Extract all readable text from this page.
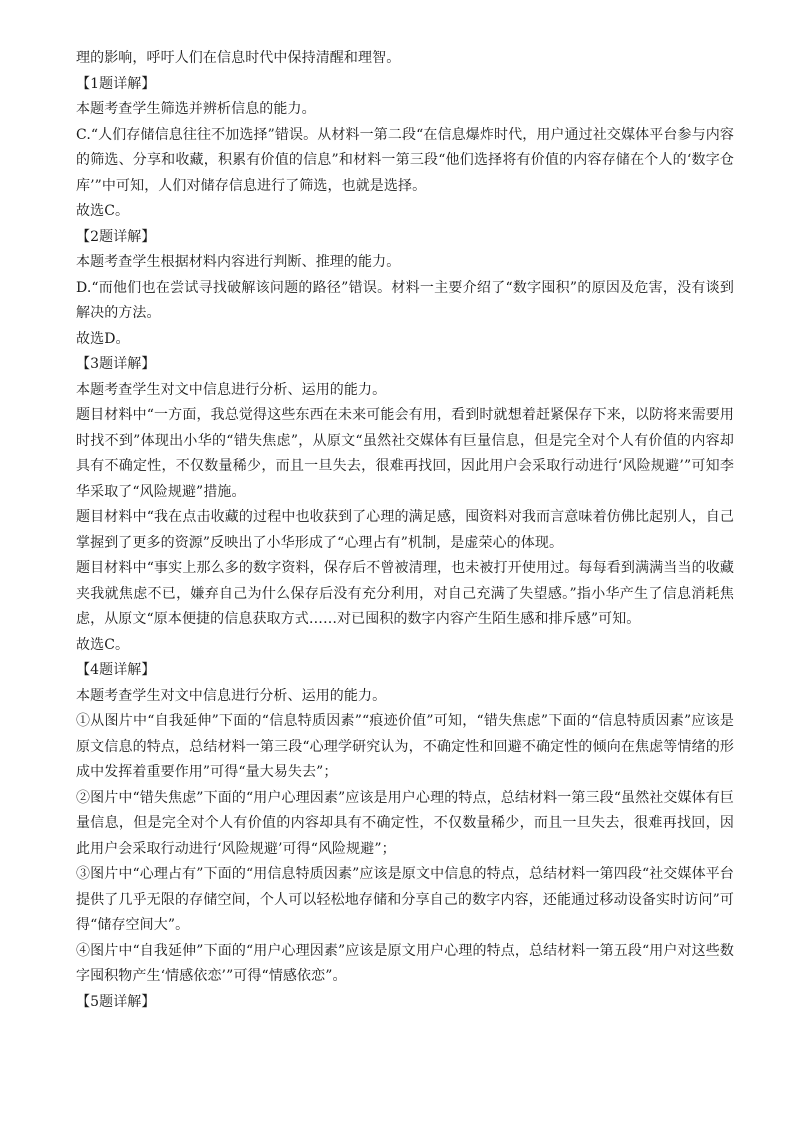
理的影响，呼吁人们在信息时代中保持清醒和理智。
【1题详解】
本题考查学生筛选并辨析信息的能力。
C.“人们存储信息往往不加选择”错误。从材料一第二段“在信息爆炸时代，用户通过社交媒体平台参与内容的筛选、分享和收藏，积累有价值的信息”和材料一第三段“他们选择将有价值的内容存储在个人的‘数字仓库’”中可知，人们对储存信息进行了筛选，也就是选择。
故选C。
【2题详解】
本题考查学生根据材料内容进行判断、推理的能力。
D.“而他们也在尝试寻找破解该问题的路径”错误。材料一主要介绍了“数字囤积”的原因及危害，没有谈到解决的方法。
故选D。
【3题详解】
本题考查学生对文中信息进行分析、运用的能力。
题目材料中“一方面，我总觉得这些东西在未来可能会有用，看到时就想着赶紧保存下来，以防将来需要用时找不到”体现出小华的“错失焦虑”，从原文“虽然社交媒体有巨量信息，但是完全对个人有价值的内容却具有不确定性，不仅数量稀少，而且一旦失去，很难再找回，因此用户会采取行动进行‘风险规避’”可知李华采取了“风险规避”措施。
题目材料中“我在点击收藏的过程中也收获到了心理的满足感，囤资料对我而言意味着仿佛比起别人，自己掌握到了更多的资源”反映出了小华形成了“心理占有”机制，是虚荣心的体现。
题目材料中“事实上那么多的数字资料，保存后不曾被清理，也未被打开使用过。每每看到满满当当的收藏夹我就焦虑不已，嫌弃自己为什么保存后没有充分利用，对自己充满了失望感。”指小华产生了信息消耗焦虑，从原文“原本便捷的信息获取方式……对已囤积的数字内容产生陌生感和排斥感”可知。
故选C。
【4题详解】
本题考查学生对文中信息进行分析、运用的能力。
①从图片中“自我延伸”下面的“信息特质因素”“痕迹价值”可知，“错失焦虑”下面的“信息特质因素”应该是原文信息的特点，总结材料一第三段“心理学研究认为，不确定性和回避不确定性的倾向在焦虑等情绪的形成中发挥着重要作用”可得“量大易失去”；
②图片中“错失焦虑”下面的“用户心理因素”应该是用户心理的特点，总结材料一第三段“虽然社交媒体有巨量信息，但是完全对个人有价值的内容却具有不确定性，不仅数量稀少，而且一旦失去，很难再找回，因此用户会采取行动进行‘风险规避’可得“风险规避”；
③图片中“心理占有”下面的“用信息特质因素”应该是原文中信息的特点，总结材料一第四段“社交媒体平台提供了几乎无限的存储空间，个人可以轻松地存储和分享自己的数字内容，还能通过移动设备实时访问”可得“储存空间大”。
④图片中“自我延伸”下面的“用户心理因素”应该是原文用户心理的特点，总结材料一第五段“用户对这些数字囤积物产生‘情感依恋’”可得“情感依恋”。
【5题详解】
